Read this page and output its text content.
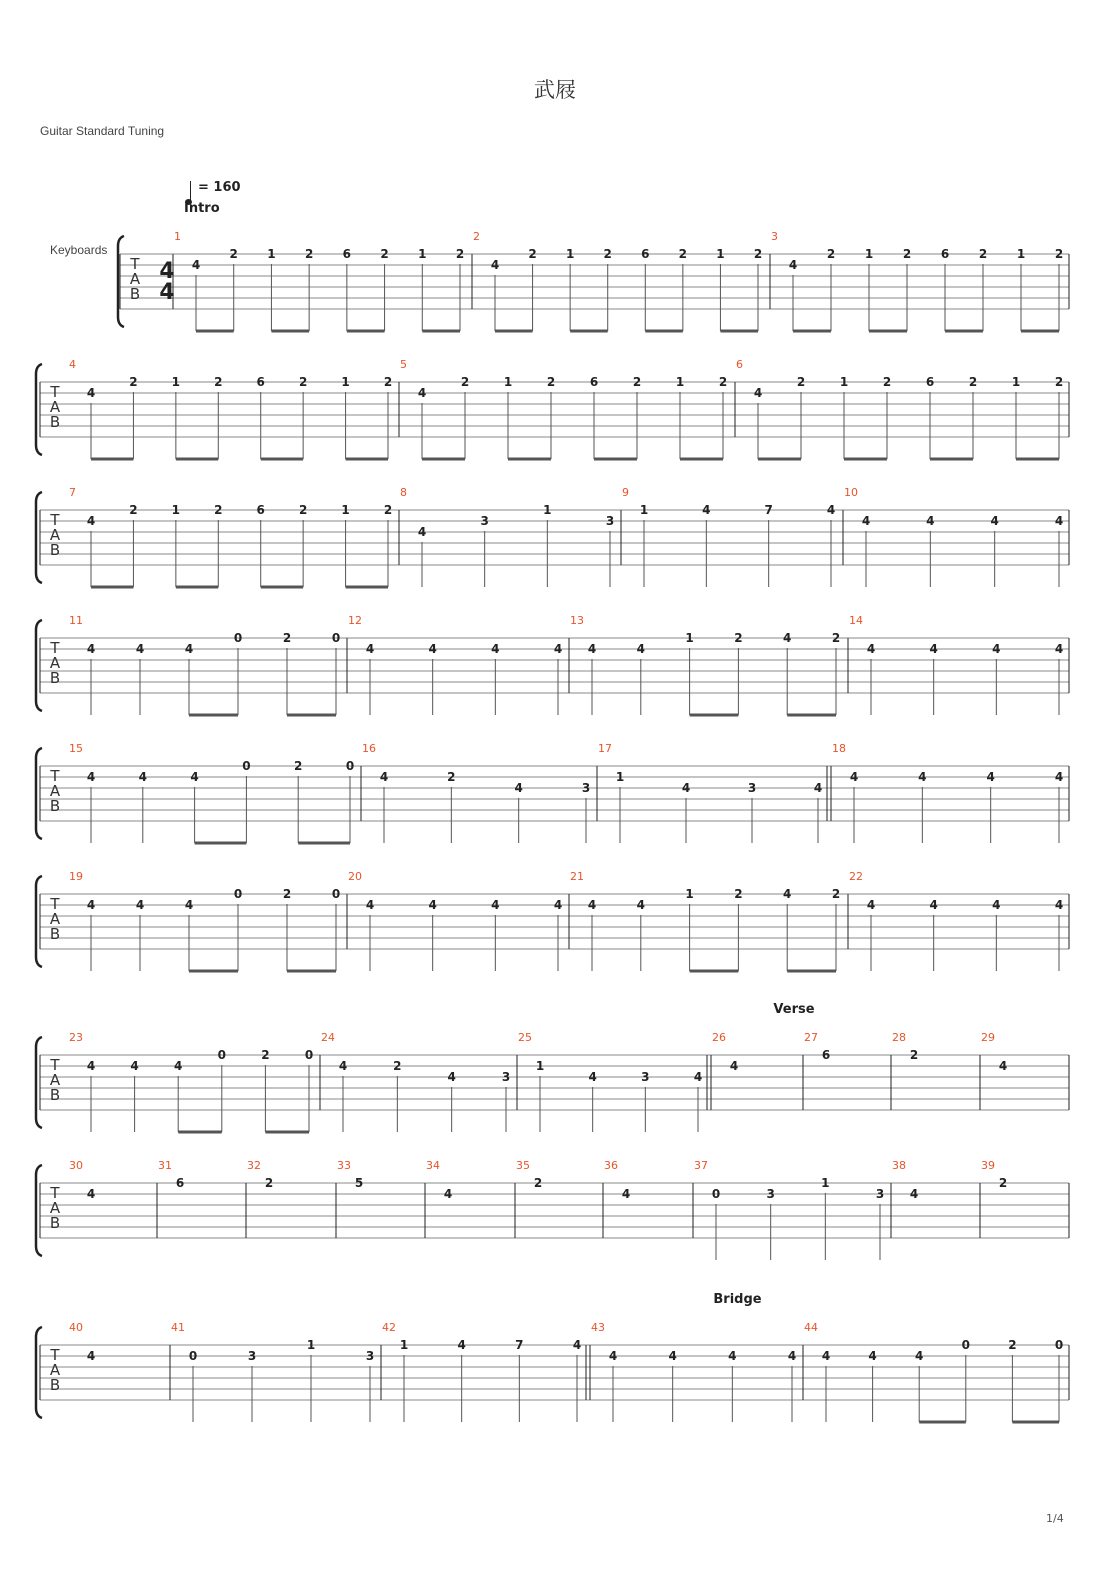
武屐
Guitar Standard Tuning
= 160
Keyboards
1/4
T
A
B
4
4
1
Intro
4
2 1 2 6 2 1 2
2
4
2 1 2 6 2 1 2
3
4
2 1 2 6 2 1 2
T
A
B
4
4
2	1	2	6	2	1	2
5
4
2	1	2	6	2	1	2
6
4
2	1	2	6	2	1	2
T
A
B
7
4
2	1	2	6	2	1	2
8
4
3
1
3
9
1	4	7	4
10
4	4	4	4
T
A
B
11
4	4	4
0	2	0
12
4	4	4	4
13
4	4
1	2	4	2
14
4	4	4	4
T
A
B
15
4	4	4
0	2	0
16
4	2
4	3
17
1
4	3	4
18
4	4	4	4
T
A
B
19
4	4	4
0	2	0
20
4	4	4	4
21
4	4
1	2	4	2
22
4	4	4	4
T
A
B
23
4	4	4
0	2	0
24
4	2
4	3
25
1
4	3	4
26
Verse
4
27
6
28
2
29
4
T
A
B
30
4
31
6
32
2
33
5
34
4
35
2
36
4
37
0	3
1
3
38
4
39
2
T
A
B
40
4
41
0	3
1
3
42
1	4	7	4
43
Bridge
4	4	4	4
44
4	4	4
0	2	0
